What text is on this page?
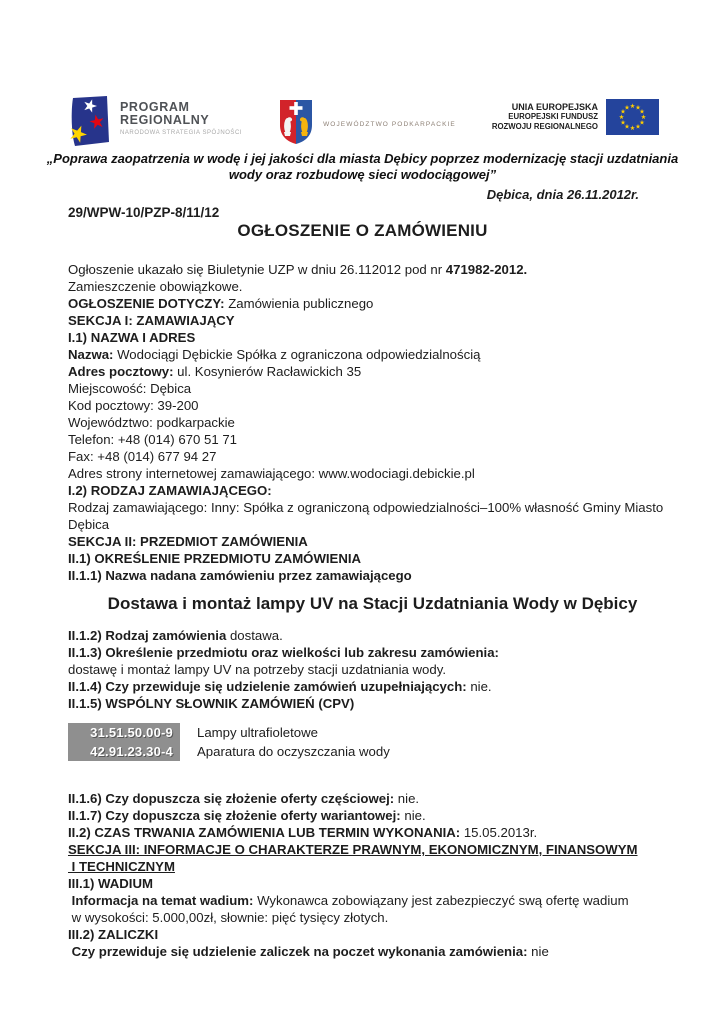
PROGRAM
REGIONALNY
NARODOWA STRATEGIA SPÓJNOŚCI
WOJEWÓDZTWO PODKARPACKIE
UNIA EUROPEJSKA
EUROPEJSKI FUNDUSZ
ROZWOJU REGIONALNEGO
„Poprawa zaopatrzenia w wodę i jej jakości dla miasta Dębicy poprzez modernizację stacji uzdatniania
wody oraz rozbudowę sieci wodociągowej”
Dębica, dnia 26.11.2012r.
29/WPW-10/PZP-8/11/12
OGŁOSZENIE O ZAMÓWIENIU
Ogłoszenie ukazało się Biuletynie UZP w dniu 26.112012 pod nr 471982-2012.
Zamieszczenie obowiązkowe.
OGŁOSZENIE DOTYCZY: Zamówienia publicznego
SEKCJA I: ZAMAWIAJĄCY
I.1) NAZWA I ADRES
Nazwa: Wodociągi Dębickie Spółka z ograniczona odpowiedzialnością
Adres pocztowy: ul. Kosynierów Racławickich 35
Miejscowość: Dębica
Kod pocztowy: 39-200
Województwo: podkarpackie
Telefon: +48 (014) 670 51 71
Fax: +48 (014) 677 94 27
Adres strony internetowej zamawiającego: www.wodociagi.debickie.pl
I.2) RODZAJ ZAMAWIAJĄCEGO:
Rodzaj zamawiającego: Inny: Spółka z ograniczoną odpowiedzialności–100% własność Gminy Miasto
Dębica
SEKCJA II: PRZEDMIOT ZAMÓWIENIA
II.1) OKREŚLENIE PRZEDMIOTU ZAMÓWIENIA
II.1.1) Nazwa nadana zamówieniu przez zamawiającego
Dostawa i montaż lampy UV na Stacji Uzdatniania Wody w Dębicy
II.1.2) Rodzaj zamówienia dostawa.
II.1.3) Określenie przedmiotu oraz wielkości lub zakresu zamówienia:
dostawę i montaż lampy UV na potrzeby stacji uzdatniania wody.
II.1.4) Czy przewiduje się udzielenie zamówień uzupełniających: nie.
II.1.5) WSPÓLNY SŁOWNIK ZAMÓWIEŃ (CPV)
31.51.50.00-9	Lampy ultrafioletowe
42.91.23.30-4	Aparatura do oczyszczania wody
II.1.6) Czy dopuszcza się złożenie oferty częściowej: nie.
II.1.7) Czy dopuszcza się złożenie oferty wariantowej: nie.
II.2) CZAS TRWANIA ZAMÓWIENIA LUB TERMIN WYKONANIA: 15.05.2013r.
SEKCJA III: INFORMACJE O CHARAKTERZE PRAWNYM, EKONOMICZNYM, FINANSOWYM
I TECHNICZNYM
III.1) WADIUM
Informacja na temat wadium: Wykonawca zobowiązany jest zabezpieczyć swą ofertę wadium
w wysokości: 5.000,00zł, słownie: pięć tysięcy złotych.
III.2) ZALICZKI
Czy przewiduje się udzielenie zaliczek na poczet wykonania zamówienia: nie
